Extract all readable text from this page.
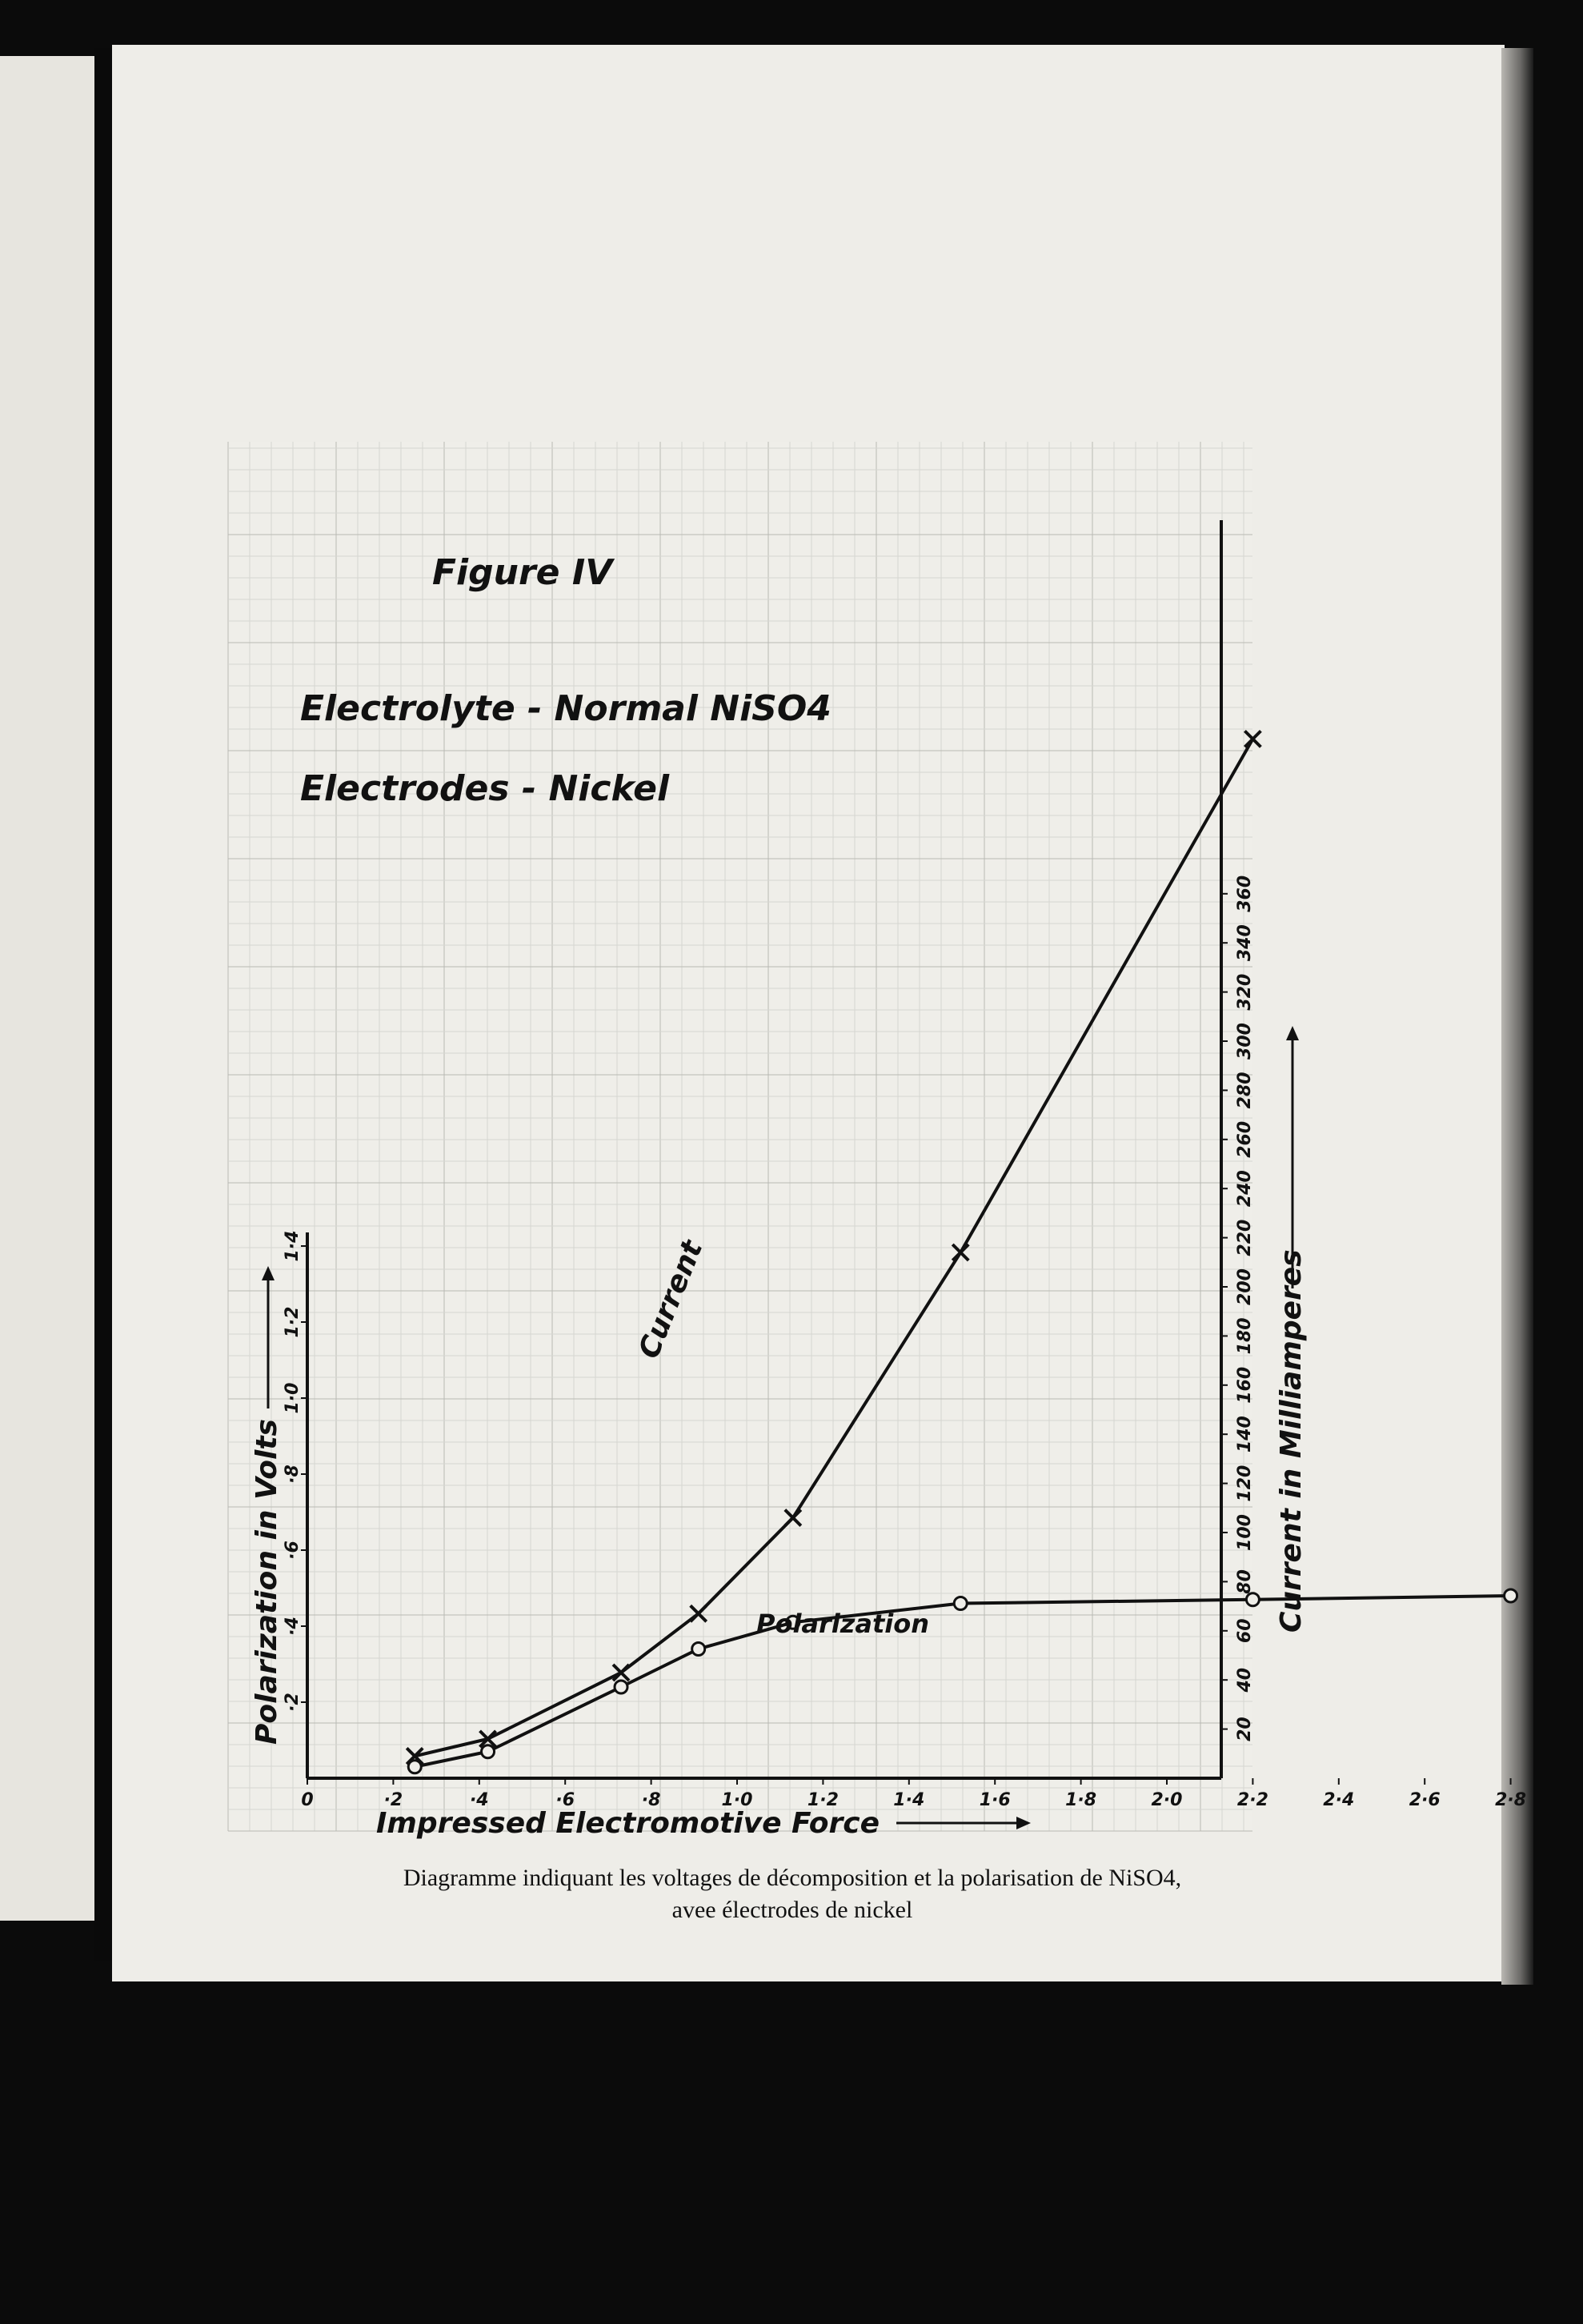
0	·2	·4	·6	·8	1·0	1·2	1·4	1·6	1·8	2·0	2·2	2·4	2·6	2·8
·2
·4
·6
·8
1·0
1·2
1·4
20
40
60
80
100
120
140
160
180
200
220
240
260
280
300
320
340
360
Current
Polarization
Figure IV
Electrolyte - Normal NiSO4
Electrodes - Nickel
Impressed Electromotive Force
Polarization in Volts	Current in Milliamperes
Diagramme indiquant les voltages de décomposition et la polarisation de NiSO4,
avee électrodes de nickel
